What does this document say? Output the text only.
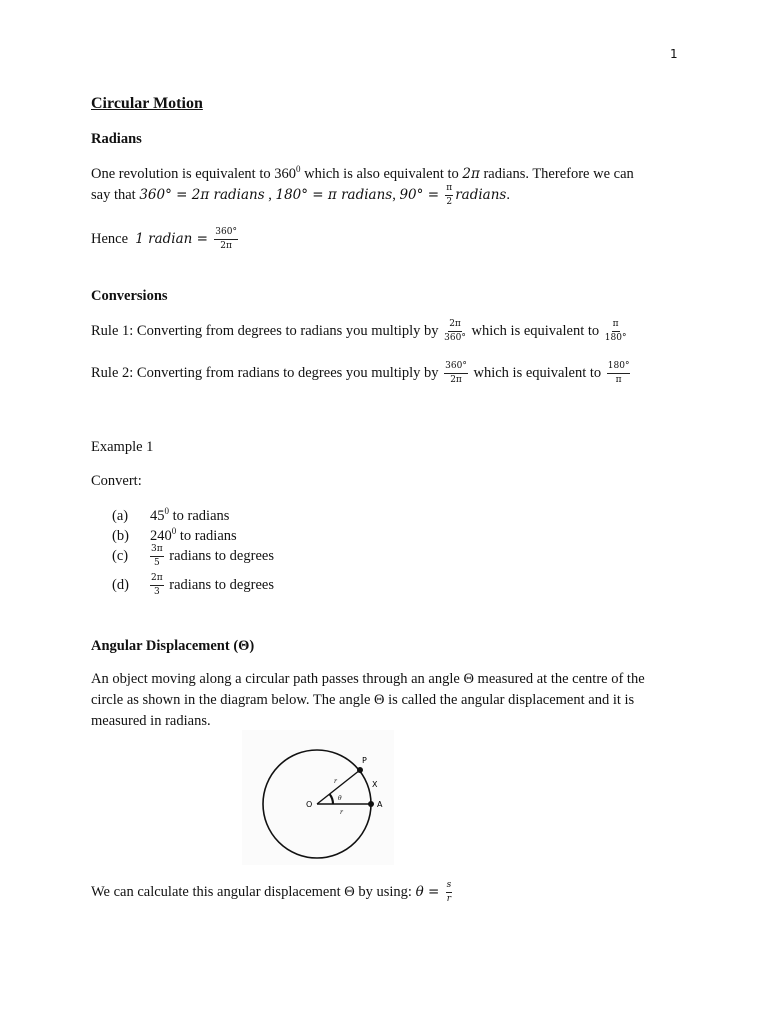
1
Circular Motion
Radians
One revolution is equivalent to $360^0$ which is also equivalent to 2π radians. Therefore we can
say that 360° = 2π radians , 180° = π radians, $90^\circ = \frac{\pi}{2}$ radians.
Hence 1 radian = $\frac{360^\circ}{2\pi}$
Conversions
Rule 1: Converting from degrees to radians you multiply by $\frac{2\pi}{360^\circ}$ which is equivalent to $\frac{\pi}{180^\circ}$
Rule 2: Converting from radians to degrees you multiply by $\frac{360^\circ}{2\pi}$ which is equivalent to $\frac{180^\circ}{\pi}$
Example 1
Convert:
(a) $45^0$ to radians
(b) $240^0$ to radians
$(c) \frac{3\pi}{5}$ radians to degrees
$(d) \frac{2\pi}{3}$ radians to degrees
Angular Displacement (Θ)
An object moving along a circular path passes through an angle Θ measured at the centre of the
circle as shown in the diagram below. The angle Θ is called the angular displacement and it is
measured in radians.
P
X
O	A
r
r
θ
We can calculate this angular displacement Θ by using: $\theta = \frac{s}{r}$
